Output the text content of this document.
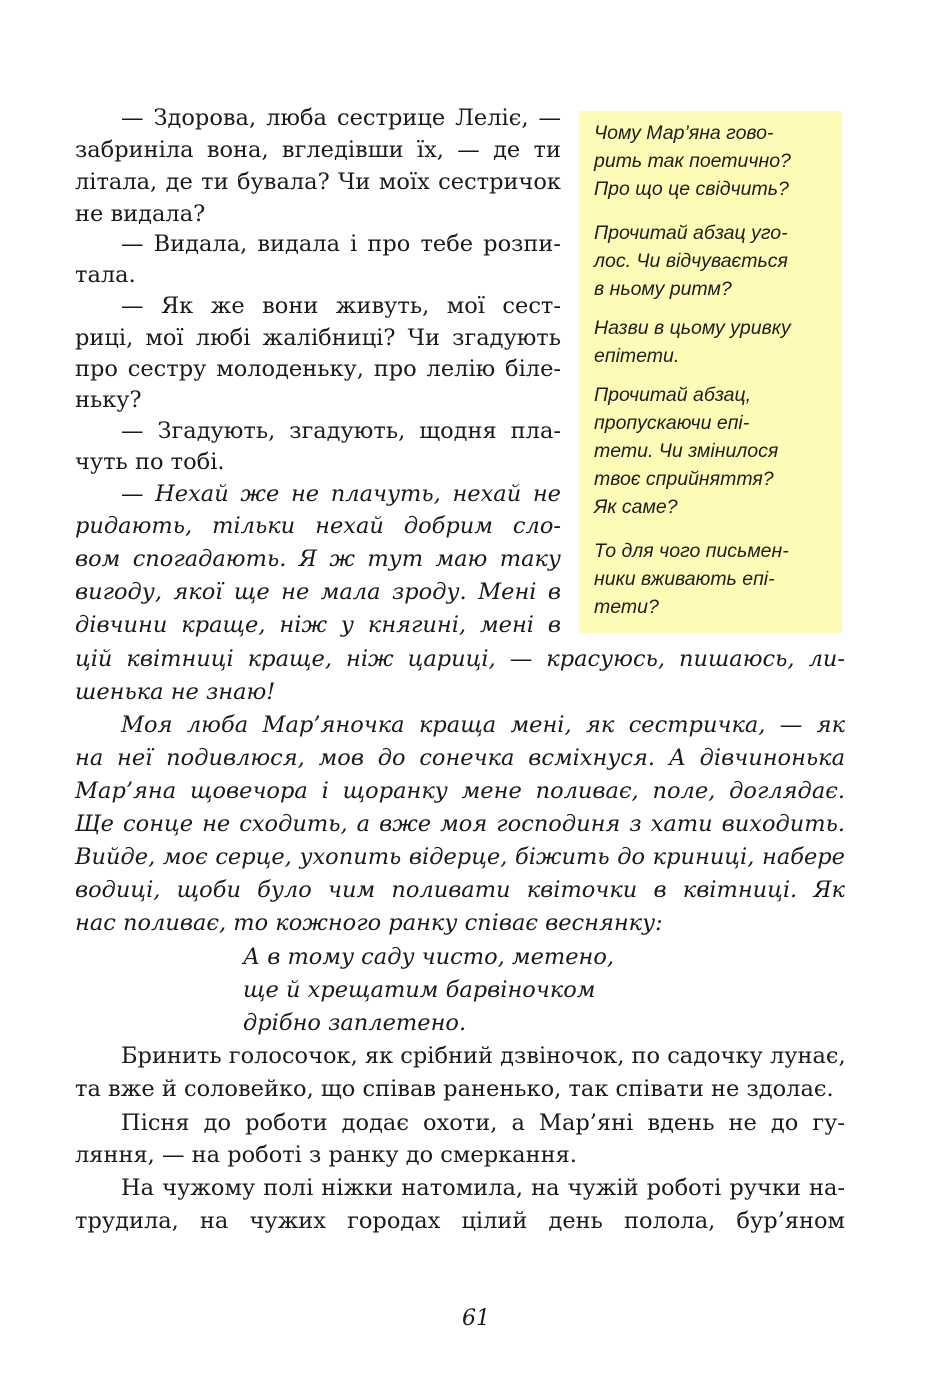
Чому Мар’яна гово-
рить так поетично?
Про що це свідчить?
Прочитай абзац уго-
лос. Чи відчувається
в ньому ритм?
Назви в цьому уривку
епітети.
Прочитай абзац,
пропускаючи епі-
тети. Чи змінилося
твоє сприйняття?
Як саме?
То для чого письмен-
ники вживають епі-
тети?
— Здорова, люба сестрице Леліє, —
забриніла вона, вгледівши їх, — де ти
літала, де ти бувала? Чи моїх сестричок
не видала?
— Видала, видала і про тебе розпи-
тала.
— Як же вони живуть, мої сест-
риці, мої любі жалібниці? Чи згадують
про сестру молоденьку, про лелію біле-
ньку?
— Згадують, згадують, щодня пла-
чуть по тобі.
— Нехай же не плачуть, нехай не
ридають, тільки нехай добрим сло-
вом спогадають. Я ж тут маю таку
вигоду, якої ще не мала зроду. Мені в
дівчини краще, ніж у княгині, мені в
цій квітниці краще, ніж цариці, — красуюсь, пишаюсь, ли-
шенька не знаю!
Моя люба Мар’яночка краща мені, як сестричка, — як
на неї подивлюся, мов до сонечка всміхнуся. А дівчинонька
Мар’яна щовечора і щоранку мене поливає, поле, доглядає.
Ще сонце не сходить, а вже моя господиня з хати виходить.
Вийде, моє серце, ухопить відерце, біжить до криниці, набере
водиці, щоби було чим поливати квіточки в квітниці. Як
нас поливає, то кожного ранку співає веснянку:
А в тому саду чисто, метено,
ще й хрещатим барвіночком
дрібно заплетено.
Бринить голосочок, як срібний дзвіночок, по садочку лунає,
та вже й соловейко, що співав раненько, так співати не здолає.
Пісня до роботи додає охоти, а Мар’яні вдень не до гу-
ляння, — на роботі з ранку до смеркання.
На чужому полі ніжки натомила, на чужій роботі ручки на-
трудила, на чужих городах цілий день полола, бур’яном
61
